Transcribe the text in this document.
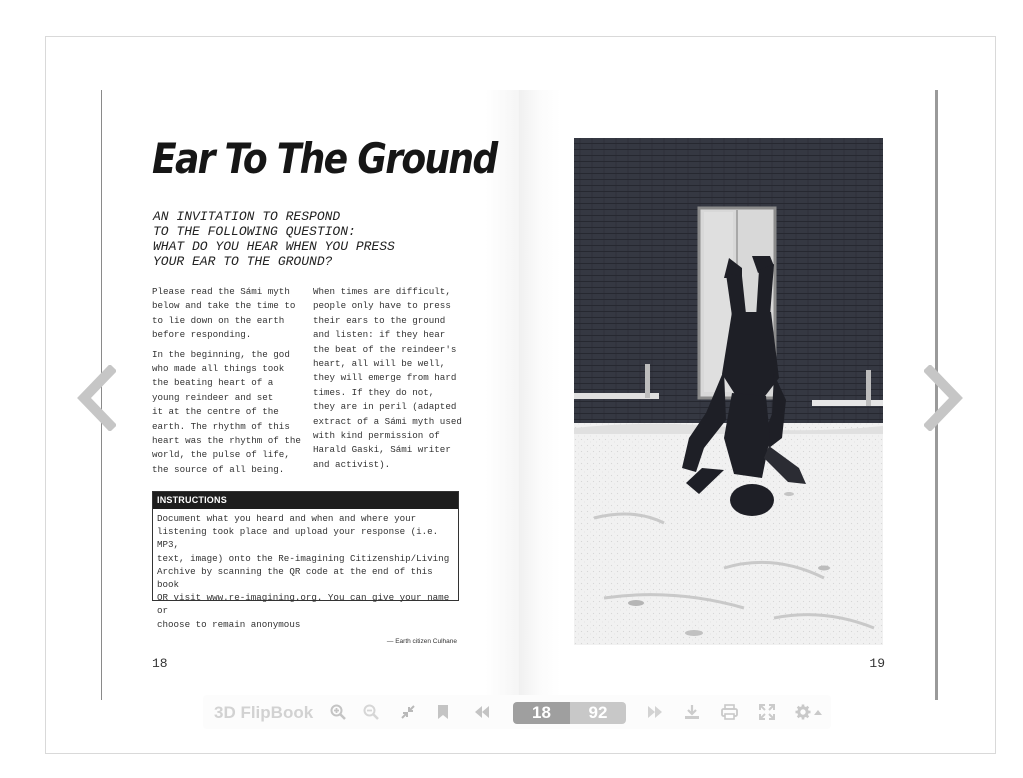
Ear To The Ground

AN INVITATION TO RESPOND
TO THE FOLLOWING QUESTION:
WHAT DO YOU HEAR WHEN YOU PRESS
YOUR EAR TO THE GROUND?

Please read the Sámi myth
below and take the time to
to lie down on the earth
before responding.

In the beginning, the god
who made all things took
the beating heart of a
young reindeer and set
it at the centre of the
earth. The rhythm of this
heart was the rhythm of the
world, the pulse of life,
the source of all being.

When times are difficult,
people only have to press
their ears to the ground
and listen: if they hear
the beat of the reindeer's
heart, all will be well,
they will emerge from hard
times. If they do not,
they are in peril (adapted
extract of a Sámi myth used
with kind permission of
Harald Gaski, Sámi writer
and activist).

INSTRUCTIONS
Document what you heard and when and where your
listening took place and upload your response (i.e. MP3,
text, image) onto the Re-imagining Citizenship/Living
Archive by scanning the QR code at the end of this book
OR visit www.re-imagining.org. You can give your name or
choose to remain anonymous
— Earth citizen Culhane
18	19
3D FlipBook	18	92
